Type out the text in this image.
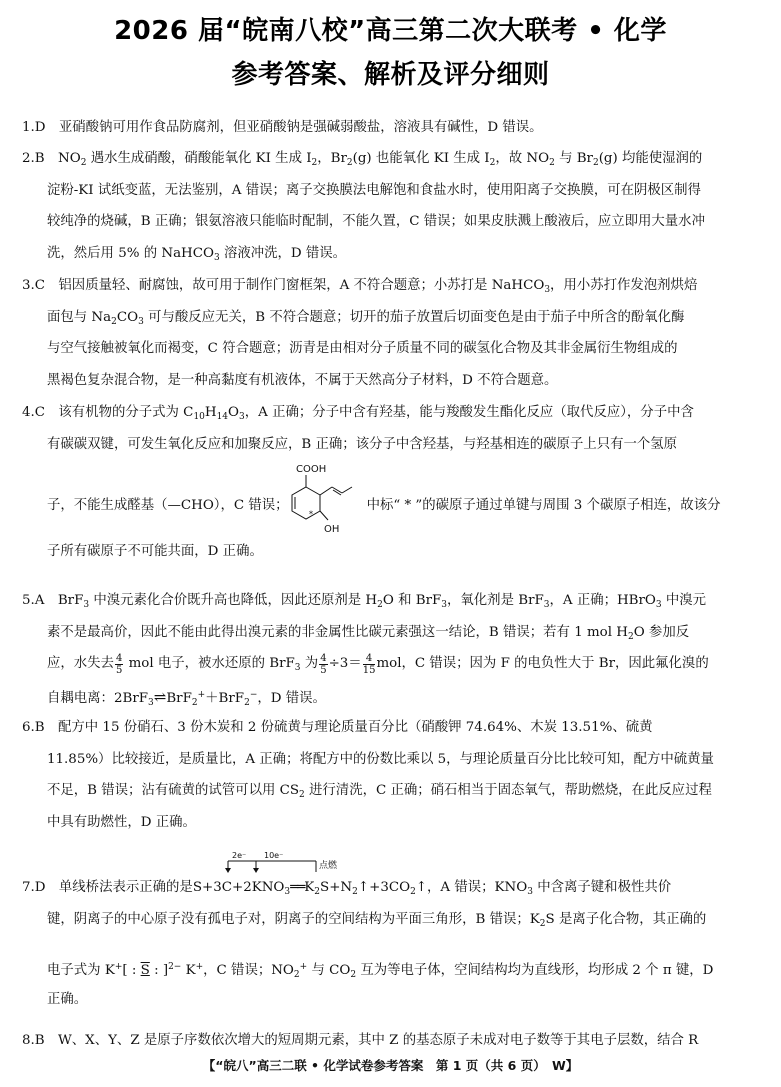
2026 届“皖南八校”高三第二次大联考 • 化学
参考答案、解析及评分细则
1.D　亚硝酸钠可用作食品防腐剂，但亚硝酸钠是强碱弱酸盐，溶液具有碱性，D 错误。
2.B　$NO_2$ 遇水生成硝酸，硝酸能氧化 KI 生成 $I_2$，$Br_2(g)$ 也能氧化 KI 生成 $I_2$，故 $NO_2$ 与 $Br_2(g)$ 均能使湿润的
淀粉-KI 试纸变蓝，无法鉴别，A 错误；离子交换膜法电解饱和食盐水时，使用阳离子交换膜，可在阴极区制得
较纯净的烧碱，B 正确；银氨溶液只能临时配制，不能久置，C 错误；如果皮肤溅上酸液后，应立即用大量水冲
洗，然后用 5% 的 NaHCO$_3$ 溶液冲洗，D 错误。
3.C　铝因质量轻、耐腐蚀，故可用于制作门窗框架，A 不符合题意；小苏打是 NaHCO$_3$，用小苏打作发泡剂烘焙
面包与 $Na_2CO_3$ 可与酸反应无关，B 不符合题意；切开的茄子放置后切面变色是由于茄子中所含的酚氧化酶
与空气接触被氧化而褐变，C 符合题意；沥青是由相对分子质量不同的碳氢化合物及其非金属衍生物组成的
黑褐色复杂混合物，是一种高黏度有机液体，不属于天然高分子材料，D 不符合题意。
4.C　该有机物的分子式为 $C_{10}H_{14}O_3$，A 正确；分子中含有羟基，能与羧酸发生酯化反应（取代反应），分子中含
有碳碳双键，可发生氧化反应和加聚反应，B 正确；该分子中含羟基，与羟基相连的碳原子上只有一个氢原
子，不能生成醛基（—CHO），C 错误；	中标“ * ”的碳原子通过单键与周围 3 个碳原子相连，故该分
COOH
OH
*
子所有碳原子不可能共面，D 正确。
5.A　BrF$_3$ 中溴元素化合价既升高也降低，因此还原剂是 $H_2O$ 和 BrF$_3$，氧化剂是 BrF$_3$，A 正确；HBrO$_3$ 中溴元
素不是最高价，因此不能由此得出溴元素的非金属性比碳元素强这一结论，B 错误；若有 1 mol $H_2O$ 参加反
应，水失去 $\frac{4}{5}$ mol 电子，被水还原的 BrF$_3$ 为 $\frac{4}{5} \div 3= \frac{4}{15}$ mol，C 错误；因为 F 的电负性大于 Br，因此氟化溴的
自耦电离：2BrF$_3$⇌BrF$_2$+＋BrF$_2$−，D 错误。
6.B　配方中 15 份硝石、3 份木炭和 2 份硫黄与理论质量百分比（硝酸钾 74.64%、木炭 13.51%、硫黄
11.85%）比较接近，是质量比，A 正确；将配方中的份数比乘以 5，与理论质量百分比比较可知，配方中硫黄量
不足，B 错误；沾有硫黄的试管可以用 $CS_2$ 进行清洗，C 正确；硝石相当于固态氧气，帮助燃烧，在此反应过程
中具有助燃性，D 正确。
2e⁻ 10e⁻
点燃
7.D　单线桥法表示正确的是$S+3C+2KNO_3══K_2S+N_2↑+3CO_2↑$，A 错误；$KNO_3$ 中含离子键和极性共价
键，阴离子的中心原子没有孤电子对，阴离子的空间结构为平面三角形，B 错误；$K_2S$ 是离子化合物，其正确的
电子式为 K+[ : S : ]$^{2-}$ K+，C 错误；$NO_2^+$ 与 $CO_2$ 互为等电子体，空间结构均为直线形，均形成 2 个 π 键，D
正确。
8.B　W、X、Y、Z 是原子序数依次增大的短周期元素，其中 Z 的基态原子未成对电子数等于其电子层数，结合 R
【“皖八”高三二联 • 化学试卷参考答案　第 1 页（共 6 页）　W】
